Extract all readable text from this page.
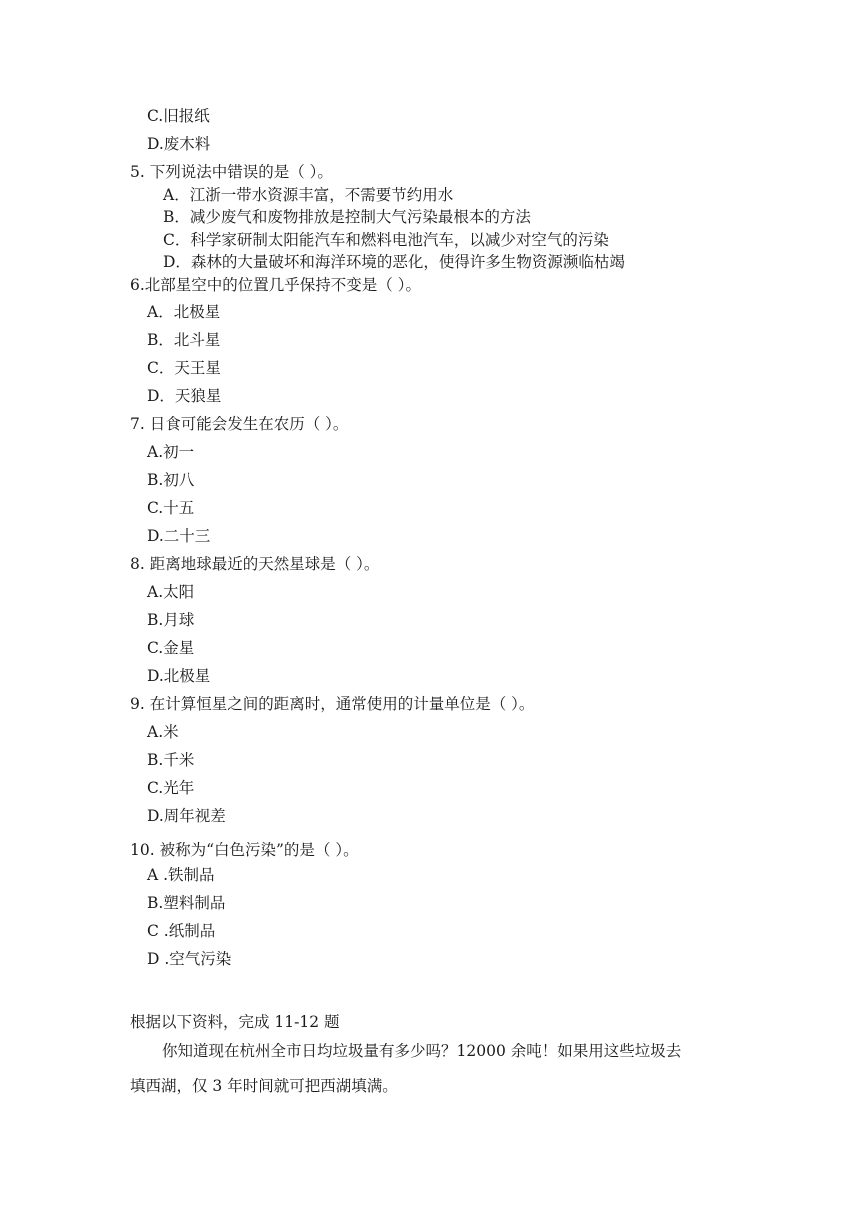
C.旧报纸
D.废木料
5. 下列说法中错误的是（ ）。
A．江浙一带水资源丰富，不需要节约用水
B．减少废气和废物排放是控制大气污染最根本的方法
C．科学家研制太阳能汽车和燃料电池汽车，以减少对空气的污染
D．森林的大量破坏和海洋环境的恶化，使得许多生物资源濒临枯竭
6.北部星空中的位置几乎保持不变是（ ）。
A．北极星
B．北斗星
C．天王星
D．天狼星
7. 日食可能会发生在农历（ ）。
A.初一
B.初八
C.十五
D.二十三
8. 距离地球最近的天然星球是（ ）。
A.太阳
B.月球
C.金星
D.北极星
9. 在计算恒星之间的距离时，通常使用的计量单位是（ ）。
A.米
B.千米
C.光年
D.周年视差
10. 被称为“白色污染”的是（ ）。
A .铁制品
B.塑料制品
C .纸制品
D .空气污染
根据以下资料，完成 11-12 题
你知道现在杭州全市日均垃圾量有多少吗？12000 余吨！如果用这些垃圾去
填西湖，仅 3 年时间就可把西湖填满。
